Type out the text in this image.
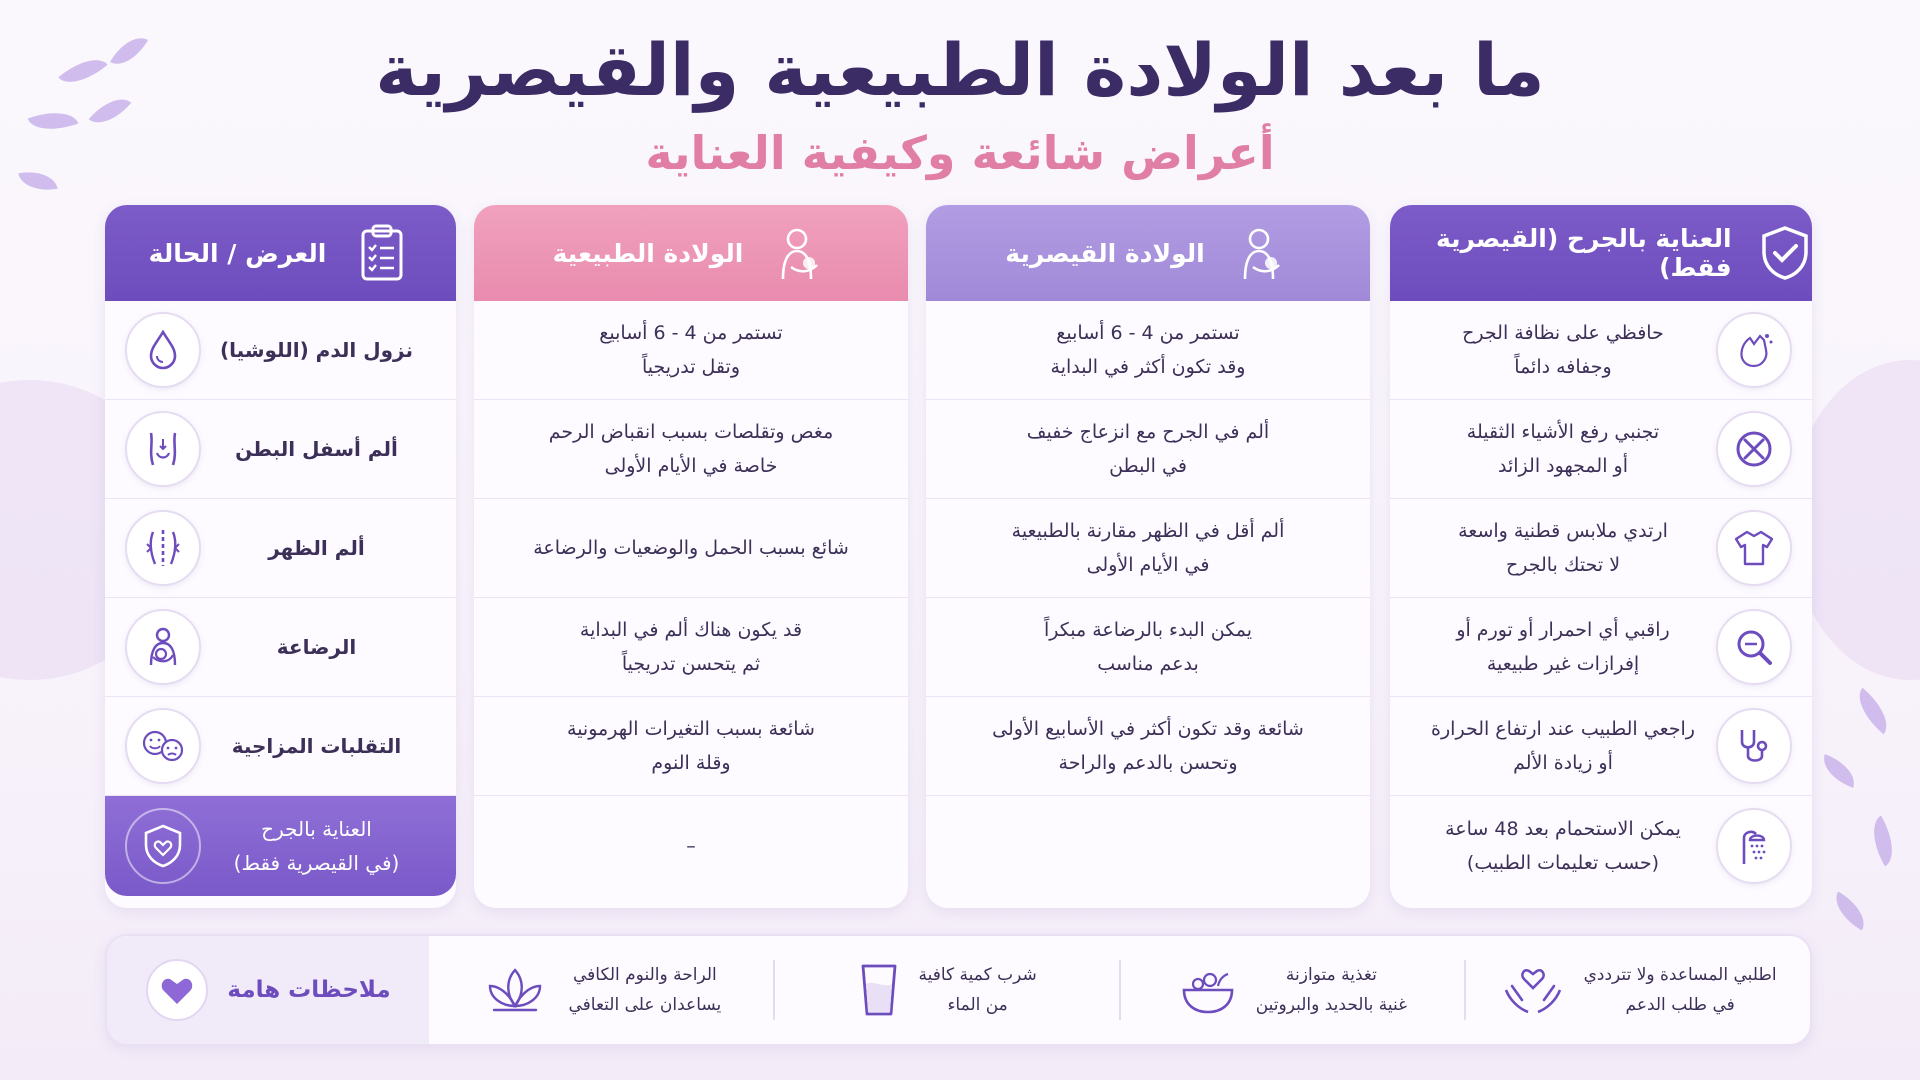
ما بعد الولادة الطبيعية والقيصرية
أعراض شائعة وكيفية العناية
العناية بالجرح (القيصرية فقط)
حافظي على نظافة الجرح
وجفافه دائماً
تجنبي رفع الأشياء الثقيلة
أو المجهود الزائد
ارتدي ملابس قطنية واسعة
لا تحتك بالجرح
راقبي أي احمرار أو تورم أو
إفرازات غير طبيعية
راجعي الطبيب عند ارتفاع الحرارة
أو زيادة الألم
يمكن الاستحمام بعد 48 ساعة
(حسب تعليمات الطبيب)
الولادة القيصرية
تستمر من 4 - 6 أسابيع
وقد تكون أكثر في البداية
ألم في الجرح مع انزعاج خفيف
في البطن
ألم أقل في الظهر مقارنة بالطبيعية
في الأيام الأولى
يمكن البدء بالرضاعة مبكراً
بدعم مناسب
شائعة وقد تكون أكثر في الأسابيع الأولى
وتحسن بالدعم والراحة
الولادة الطبيعية
تستمر من 4 - 6 أسابيع
وتقل تدريجياً
مغص وتقلصات بسبب انقباض الرحم
خاصة في الأيام الأولى
شائع بسبب الحمل والوضعيات والرضاعة
قد يكون هناك ألم في البداية
ثم يتحسن تدريجياً
شائعة بسبب التغيرات الهرمونية
وقلة النوم
–
العرض / الحالة
نزول الدم (اللوشيا)
ألم أسفل البطن
ألم الظهر
الرضاعة
التقلبات المزاجية
العناية بالجرح
(في القيصرية فقط)
اطلبي المساعدة ولا تترددي
في طلب الدعم
تغذية متوازنة
غنية بالحديد والبروتين
شرب كمية كافية
من الماء
الراحة والنوم الكافي
يساعدان على التعافي
ملاحظات هامة
